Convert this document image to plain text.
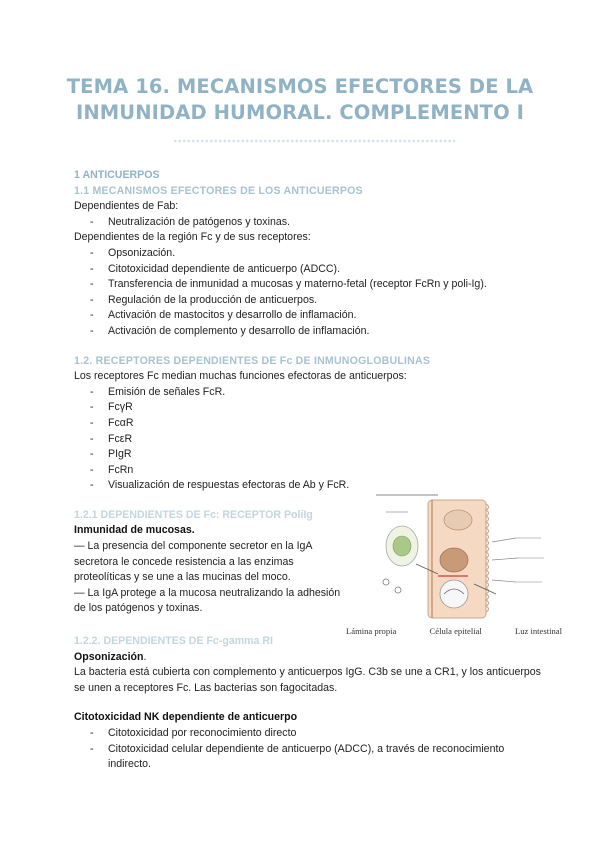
TEMA 16. MECANISMOS EFECTORES DE LA
INMUNIDAD HUMORAL. COMPLEMENTO I
1 ANTICUERPOS
1.1 MECANISMOS EFECTORES DE LOS ANTICUERPOS
Dependientes de Fab:
- Neutralización de patógenos y toxinas.
Dependientes de la región Fc y de sus receptores:
- Opsonización.
- Citotoxicidad dependiente de anticuerpo (ADCC).
- Transferencia de inmunidad a mucosas y materno-fetal (receptor FcRn y poli-Ig).
- Regulación de la producción de anticuerpos.
- Activación de mastocitos y desarrollo de inflamación.
- Activación de complemento y desarrollo de inflamación.
1.2. RECEPTORES DEPENDIENTES DE Fc DE INMUNOGLOBULINAS
Los receptores Fc median muchas funciones efectoras de anticuerpos:
- Emisión de señales FcR.
- FcγR
- FcαR
- FcεR
- PIgR
- FcRn
- Visualización de respuestas efectoras de Ab y FcR.
1.2.1 DEPENDIENTES DE Fc: RECEPTOR PoliIg
Inmunidad de mucosas.
— La presencia del componente secretor en la IgA secretora le concede resistencia a las enzimas proteolíticas y se une a las mucinas del moco.
— La IgA protege a la mucosa neutralizando la adhesión de los patógenos y toxinas.
Lámina propia	Célula epitelial	Luz intestinal
1.2.2. DEPENDIENTES DE Fc-gamma RI
Opsonización.
La bacteria está cubierta con complemento y anticuerpos IgG. C3b se une a CR1, y los anticuerpos se unen a receptores Fc. Las bacterias son fagocitadas.
Citotoxicidad NK dependiente de anticuerpo
- Citotoxicidad por reconocimiento directo
- Citotoxicidad celular dependiente de anticuerpo (ADCC), a través de reconocimiento indirecto.
